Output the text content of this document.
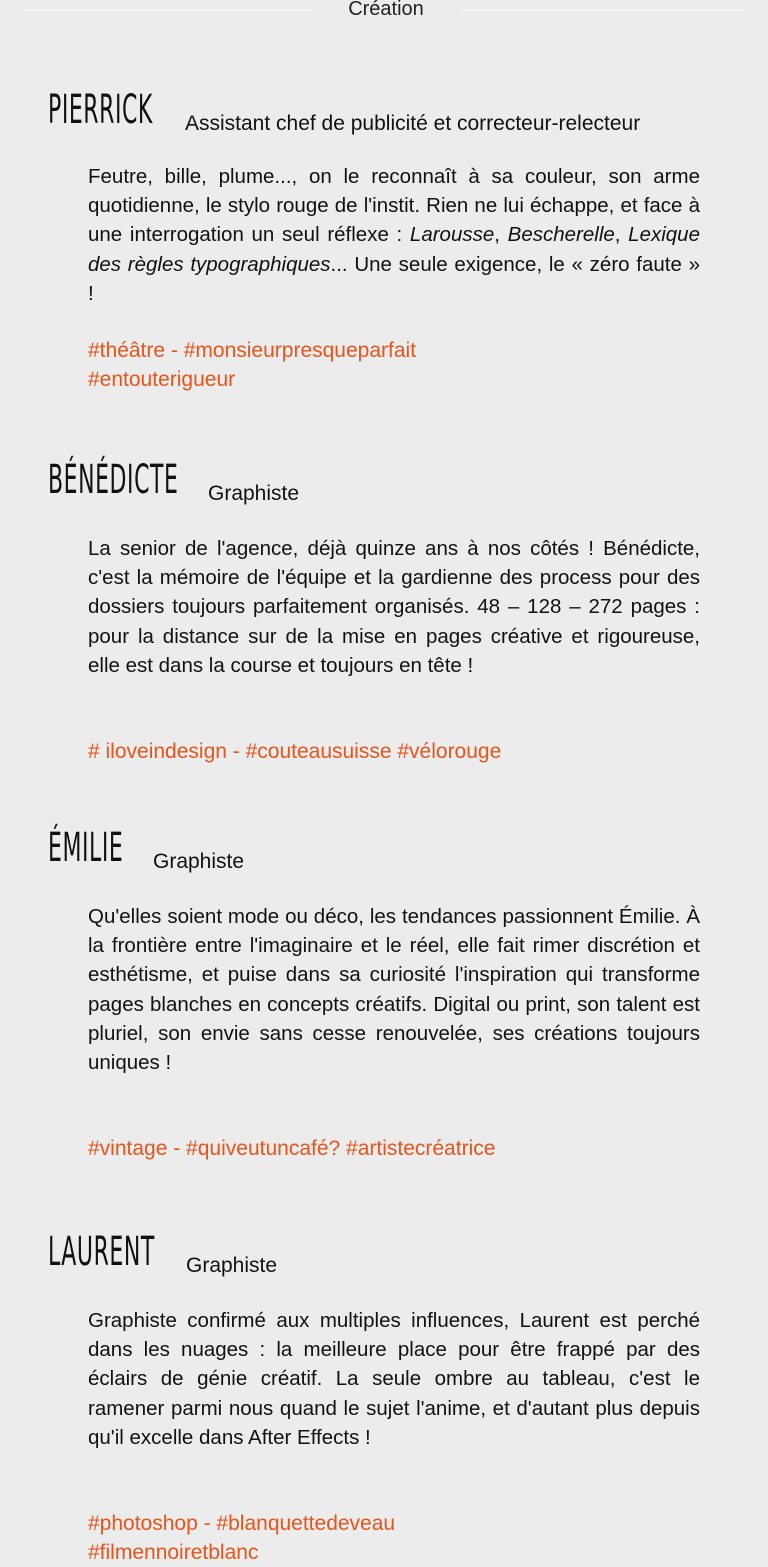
Création
PIERRICK	Assistant chef de publicité et correcteur-relecteur

Feutre, bille, plume..., on le reconnaît à sa couleur, son arme quotidienne, le stylo rouge de l'instit. Rien ne lui échappe, et face à une interrogation un seul réflexe : Larousse, Bescherelle, Lexique des règles typographiques... Une seule exigence, le « zéro faute » !

#théâtre - #monsieurpresqueparfait
#entouterigueur
BÉNÉDICTE	Graphiste

La senior de l'agence, déjà quinze ans à nos côtés ! Bénédicte, c'est la mémoire de l'équipe et la gardienne des process pour des dossiers toujours parfaitement organisés. 48 – 128 – 272 pages : pour la distance sur de la mise en pages créative et rigoureuse, elle est dans la course et toujours en tête !

# iloveindesign - #couteausuisse #vélorouge
ÉMILIE	Graphiste

Qu'elles soient mode ou déco, les tendances passionnent Émilie. À la frontière entre l'imaginaire et le réel, elle fait rimer discrétion et esthétisme, et puise dans sa curiosité l'inspiration qui transforme pages blanches en concepts créatifs. Digital ou print, son talent est pluriel, son envie sans cesse renouvelée, ses créations toujours uniques !

#vintage - #quiveutuncafé? #artistecréatrice
LAURENT	Graphiste

Graphiste confirmé aux multiples influences, Laurent est perché dans les nuages : la meilleure place pour être frappé par des éclairs de génie créatif. La seule ombre au tableau, c'est le ramener parmi nous quand le sujet l'anime, et d'autant plus depuis qu'il excelle dans After Effects !

#photoshop - #blanquettedeveau
#filmennoiretblanc
